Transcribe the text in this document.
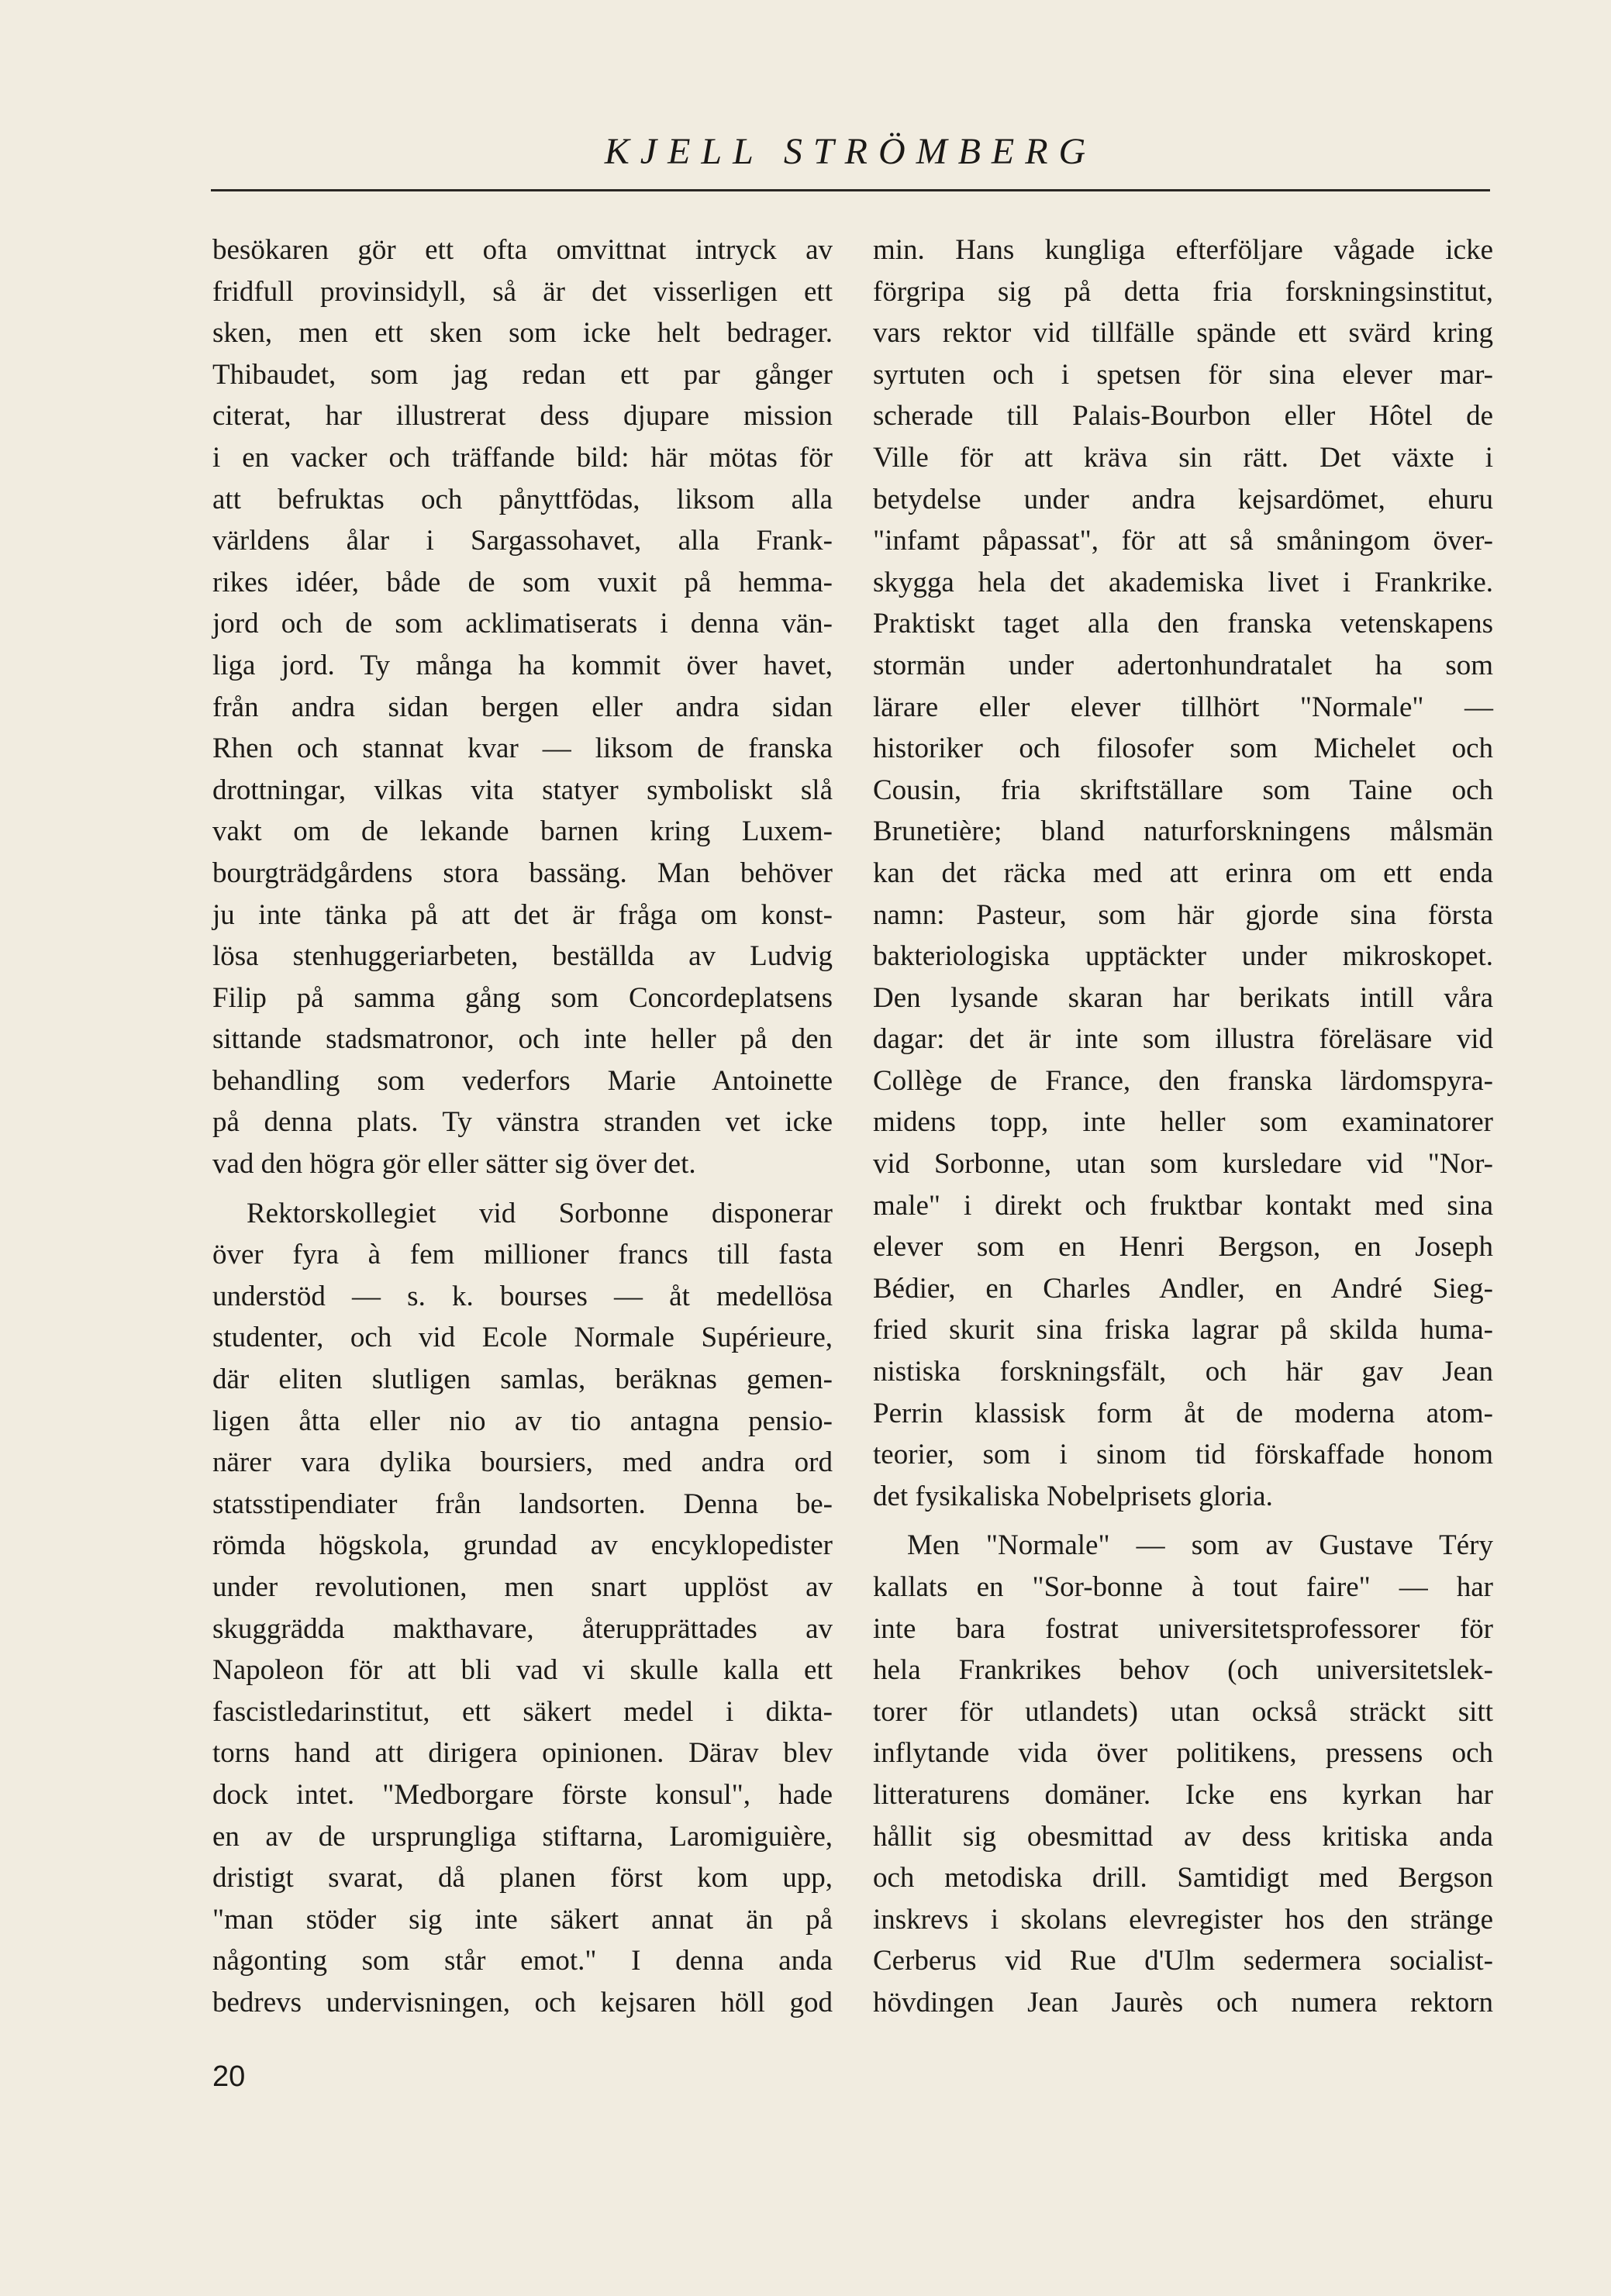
KJELL STRÖMBERG
besökaren gör ett ofta omvittnat intryck av
fridfull provinsidyll, så är det visserligen ett
sken, men ett sken som icke helt bedrager.
Thibaudet, som jag redan ett par gånger
citerat, har illustrerat dess djupare mission
i en vacker och träffande bild: här mötas för
att befruktas och pånyttfödas, liksom alla
världens ålar i Sargassohavet, alla Frank-
rikes idéer, både de som vuxit på hemma-
jord och de som acklimatiserats i denna vän-
liga jord. Ty många ha kommit över havet,
från andra sidan bergen eller andra sidan
Rhen och stannat kvar — liksom de franska
drottningar, vilkas vita statyer symboliskt slå
vakt om de lekande barnen kring Luxem-
bourgträdgårdens stora bassäng. Man behöver
ju inte tänka på att det är fråga om konst-
lösa stenhuggeriarbeten, beställda av Ludvig
Filip på samma gång som Concordeplatsens
sittande stadsmatronor, och inte heller på den
behandling som vederfors Marie Antoinette
på denna plats. Ty vänstra stranden vet icke
vad den högra gör eller sätter sig över det.
Rektorskollegiet vid Sorbonne disponerar
över fyra à fem millioner francs till fasta
understöd — s. k. bourses — åt medellösa
studenter, och vid Ecole Normale Supérieure,
där eliten slutligen samlas, beräknas gemen-
ligen åtta eller nio av tio antagna pensio-
närer vara dylika boursiers, med andra ord
statsstipendiater från landsorten. Denna be-
römda högskola, grundad av encyklopedister
under revolutionen, men snart upplöst av
skuggrädda makthavare, återupprättades av
Napoleon för att bli vad vi skulle kalla ett
fascistledarinstitut, ett säkert medel i dikta-
torns hand att dirigera opinionen. Därav blev
dock intet. "Medborgare förste konsul", hade
en av de ursprungliga stiftarna, Laromiguière,
dristigt svarat, då planen först kom upp,
"man stöder sig inte säkert annat än på
någonting som står emot." I denna anda
bedrevs undervisningen, och kejsaren höll god
min. Hans kungliga efterföljare vågade icke
förgripa sig på detta fria forskningsinstitut,
vars rektor vid tillfälle spände ett svärd kring
syrtuten och i spetsen för sina elever mar-
scherade till Palais-Bourbon eller Hôtel de
Ville för att kräva sin rätt. Det växte i
betydelse under andra kejsardömet, ehuru
"infamt påpassat", för att så småningom över-
skygga hela det akademiska livet i Frankrike.
Praktiskt taget alla den franska vetenskapens
stormän under adertonhundratalet ha som
lärare eller elever tillhört "Normale" —
historiker och filosofer som Michelet och
Cousin, fria skriftställare som Taine och
Brunetière; bland naturforskningens målsmän
kan det räcka med att erinra om ett enda
namn: Pasteur, som här gjorde sina första
bakteriologiska upptäckter under mikroskopet.
Den lysande skaran har berikats intill våra
dagar: det är inte som illustra föreläsare vid
Collège de France, den franska lärdomspyra-
midens topp, inte heller som examinatorer
vid Sorbonne, utan som kursledare vid "Nor-
male" i direkt och fruktbar kontakt med sina
elever som en Henri Bergson, en Joseph
Bédier, en Charles Andler, en André Sieg-
fried skurit sina friska lagrar på skilda huma-
nistiska forskningsfält, och här gav Jean
Perrin klassisk form åt de moderna atom-
teorier, som i sinom tid förskaffade honom
det fysikaliska Nobelprisets gloria.
Men "Normale" — som av Gustave Téry
kallats en "Sor-bonne à tout faire" — har
inte bara fostrat universitetsprofessorer för
hela Frankrikes behov (och universitetslek-
torer för utlandets) utan också sträckt sitt
inflytande vida över politikens, pressens och
litteraturens domäner. Icke ens kyrkan har
hållit sig obesmittad av dess kritiska anda
och metodiska drill. Samtidigt med Bergson
inskrevs i skolans elevregister hos den stränge
Cerberus vid Rue d'Ulm sedermera socialist-
hövdingen Jean Jaurès och numera rektorn
20
